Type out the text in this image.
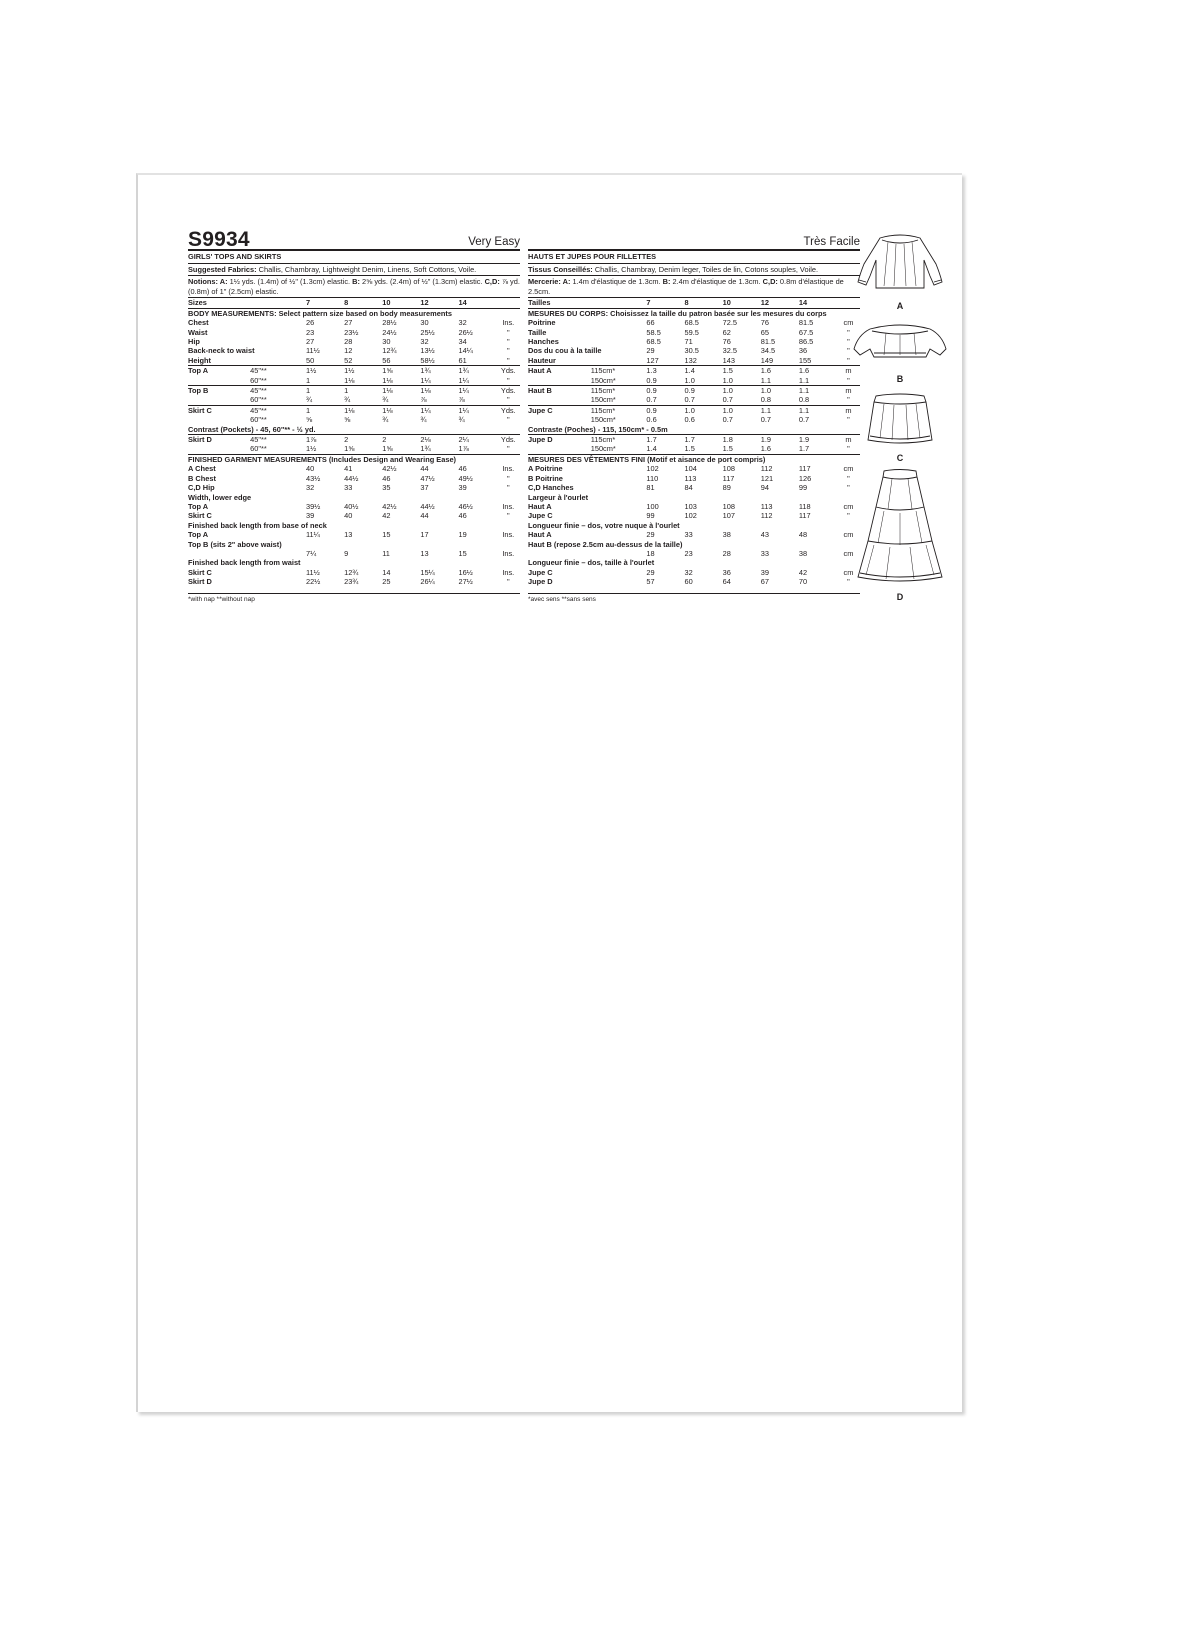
S9934	Very Easy
GIRLS' TOPS AND SKIRTS
Suggested Fabrics: Challis, Chambray, Lightweight Denim, Linens, Soft Cottons, Voile.
Notions: A: 1½ yds. (1.4m) of ½" (1.3cm) elastic. B: 2⅝ yds. (2.4m) of ½" (1.3cm) elastic. C,D: ⅞ yd. (0.8m) of 1" (2.5cm) elastic.
Sizes		7	8	10	12	14	
BODY MEASUREMENTS: Select pattern size based on body measurements							
Chest		26	27	28½	30	32	Ins.
Waist		23	23½	24½	25½	26½	"
Hip		27	28	30	32	34	"
Back-neck to waist		11½	12	12¾	13½	14¼	"
Height		50	52	56	58½	61	"
Top A	45"**	1½	1½	1⅝	1¾	1¾	Yds.
	60"**	1	1⅛	1⅛	1¼	1¼	"
Top B	45"**	1	1	1⅛	1⅛	1¼	Yds.
	60"**	¾	¾	¾	⅞	⅞	"
Skirt C	45"**	1	1⅛	1⅛	1¼	1¼	Yds.
	60"**	⅝	⅝	¾	¾	¾	"
Contrast (Pockets) - 45, 60"** - ½ yd.							
Skirt D	45"**	1⅞	2	2	2⅛	2¼	Yds.
	60"**	1½	1⅝	1⅝	1¾	1⅞	"
FINISHED GARMENT MEASUREMENTS (Includes Design and Wearing Ease)							
A Chest		40	41	42½	44	46	Ins.
B Chest		43½	44½	46	47½	49½	"
C,D Hip		32	33	35	37	39	"
Width, lower edge							
Top A		39½	40½	42½	44½	46½	Ins.
Skirt C		39	40	42	44	46	"
Finished back length from base of neck							
Top A		11¼	13	15	17	19	Ins.
Top B (sits 2" above waist)							
		7¼	9	11	13	15	Ins.
Finished back length from waist							
Skirt C		11½	12¾	14	15¼	16½	Ins.
Skirt D		22½	23¾	25	26¼	27½	"
*with nap **without nap
Très Facile
HAUTS ET JUPES POUR FILLETTES
Tissus Conseillés: Challis, Chambray, Denim leger, Toiles de lin, Cotons souples, Voile.
Mercerie: A: 1.4m d'élastique de 1.3cm. B: 2.4m d'élastique de 1.3cm. C,D: 0.8m d'élastique de 2.5cm.
Tailles		7	8	10	12	14	
MESURES DU CORPS: Choisissez la taille du patron basée sur les mesures du corps							
Poitrine		66	68.5	72.5	76	81.5	cm
Taille		58.5	59.5	62	65	67.5	"
Hanches		68.5	71	76	81.5	86.5	"
Dos du cou à la taille		29	30.5	32.5	34.5	36	"
Hauteur		127	132	143	149	155	"
Haut A	115cm*	1.3	1.4	1.5	1.6	1.6	m
	150cm*	0.9	1.0	1.0	1.1	1.1	"
Haut B	115cm*	0.9	0.9	1.0	1.0	1.1	m
	150cm*	0.7	0.7	0.7	0.8	0.8	"
Jupe C	115cm*	0.9	1.0	1.0	1.1	1.1	m
	150cm*	0.6	0.6	0.7	0.7	0.7	"
Contraste (Poches) - 115, 150cm* - 0.5m							
Jupe D	115cm*	1.7	1.7	1.8	1.9	1.9	m
	150cm*	1.4	1.5	1.5	1.6	1.7	"
MESURES DES VÊTEMENTS FINI (Motif et aisance de port compris)							
A Poitrine		102	104	108	112	117	cm
B Poitrine		110	113	117	121	126	"
C,D Hanches		81	84	89	94	99	"
Largeur à l'ourlet							
Haut A		100	103	108	113	118	cm
Jupe C		99	102	107	112	117	"
Longueur finie – dos, votre nuque à l'ourlet							
Haut A		29	33	38	43	48	cm
Haut B (repose 2.5cm au-dessus de la taille)							
		18	23	28	33	38	cm
Longueur finie – dos, taille à l'ourlet							
Jupe C		29	32	36	39	42	cm
Jupe D		57	60	64	67	70	"
*avec sens **sans sens
A
B
C
D
